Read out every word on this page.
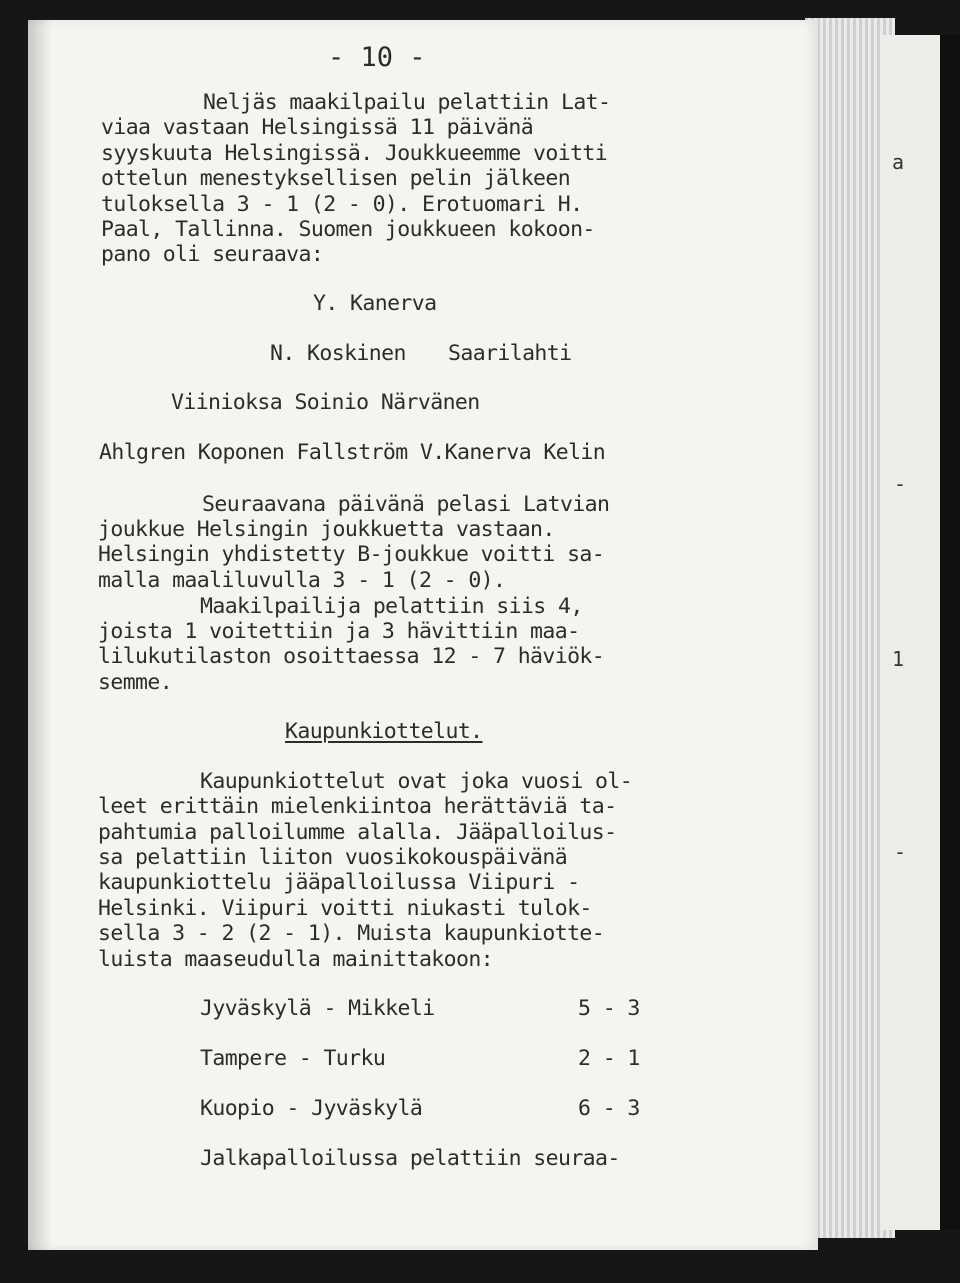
a
-
1
-
- 10 -
Neljäs maakilpailu pelattiin Lat-
viaa vastaan Helsingissä 11 päivänä
syyskuuta Helsingissä. Joukkueemme voitti
ottelun menestyksellisen pelin jälkeen
tuloksella 3 - 1 (2 - 0). Erotuomari H.
Paal, Tallinna. Suomen joukkueen kokoon-
pano oli seuraava:
Y. Kanerva
N. Koskinen Saarilahti
Viinioksa Soinio Närvänen
Ahlgren Koponen Fallström V.Kanerva Kelin
Seuraavana päivänä pelasi Latvian
joukkue Helsingin joukkuetta vastaan.
Helsingin yhdistetty B-joukkue voitti sa-
malla maaliluvulla 3 - 1 (2 - 0).
Maakilpailija pelattiin siis 4,
joista 1 voitettiin ja 3 hävittiin maa-
lilukutilaston osoittaessa 12 - 7 häviök-
semme.
Kaupunkiottelut.
Kaupunkiottelut ovat joka vuosi ol-
leet erittäin mielenkiintoa herättäviä ta-
pahtumia palloilumme alalla. Jääpalloilus-
sa pelattiin liiton vuosikokouspäivänä
kaupunkiottelu jääpalloilussa Viipuri -
Helsinki. Viipuri voitti niukasti tulok-
sella 3 - 2 (2 - 1). Muista kaupunkiotte-
luista maaseudulla mainittakoon:
Jyväskylä - Mikkeli	5 - 3
Tampere - Turku	2 - 1
Kuopio - Jyväskylä	6 - 3
Jalkapalloilussa pelattiin seuraa-
